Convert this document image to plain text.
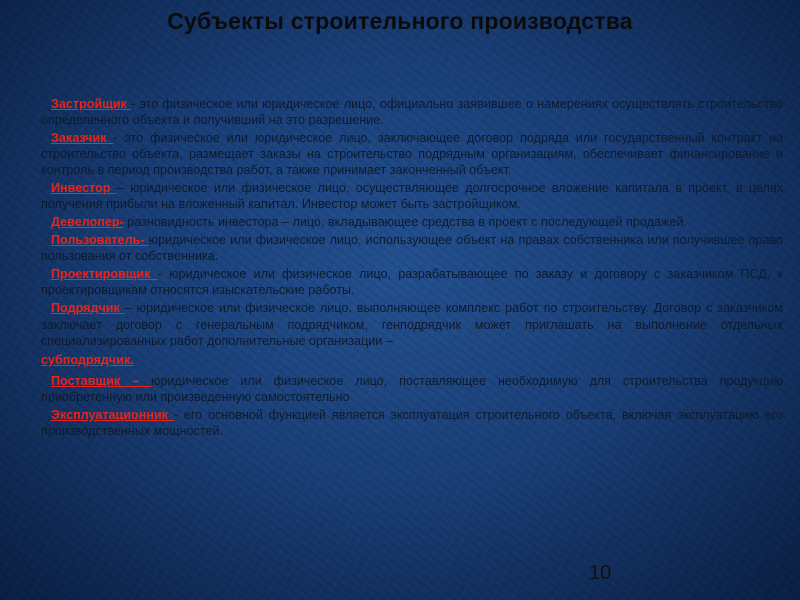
Субъекты строительного производства

Застройщик - это физическое или юридическое лицо, официально заявившее о намерениях осуществлять строительство определенного объекта и получивший на это разрешение.

Заказчик - это физическое или юридическое лицо, заключающее договор подряда или государственный контракт на строительство объекта, размещает заказы на строительство подрядным организациям, обеспечивает финансирование и контроль в период производства работ, а также принимает законченный объект.

Инвестор – юридическое или физическое лицо, осуществляющее долгосрочное вложение капитала в проект, в целях получения прибыли на вложенный капитал. Инвестор может быть застройщиком.

Девелопер- разновидность инвестора – лицо, вкладывающее средства в проект с последующей продажей.

Пользователь- юридическое или физическое лицо, использующее объект на правах собственника или получившее право пользования от собственника.

Проектировщик - юридическое или физическое лицо, разрабатывающее по заказу и договору с заказчиком ПСД, к проектировщикам относятся изыскательские работы.

Подрядчик – юридическое или физическое лицо, выполняющее комплекс работ по строительству. Договор с заказчиком заключает договор с генеральным подрядчиком, генподрядчик может приглашать на выполнение отдельных специализированных работ дополнительные организации –

субподрядчик.

Поставщик – юридическое или физическое лицо, поставляющее необходимую для строительства продукцию приобретенную или произведенную самостоятельно

Эксплуатационник - его основной функцией является эксплуатация строительного объекта, включая эксплуатацию его производственных мощностей.

10
